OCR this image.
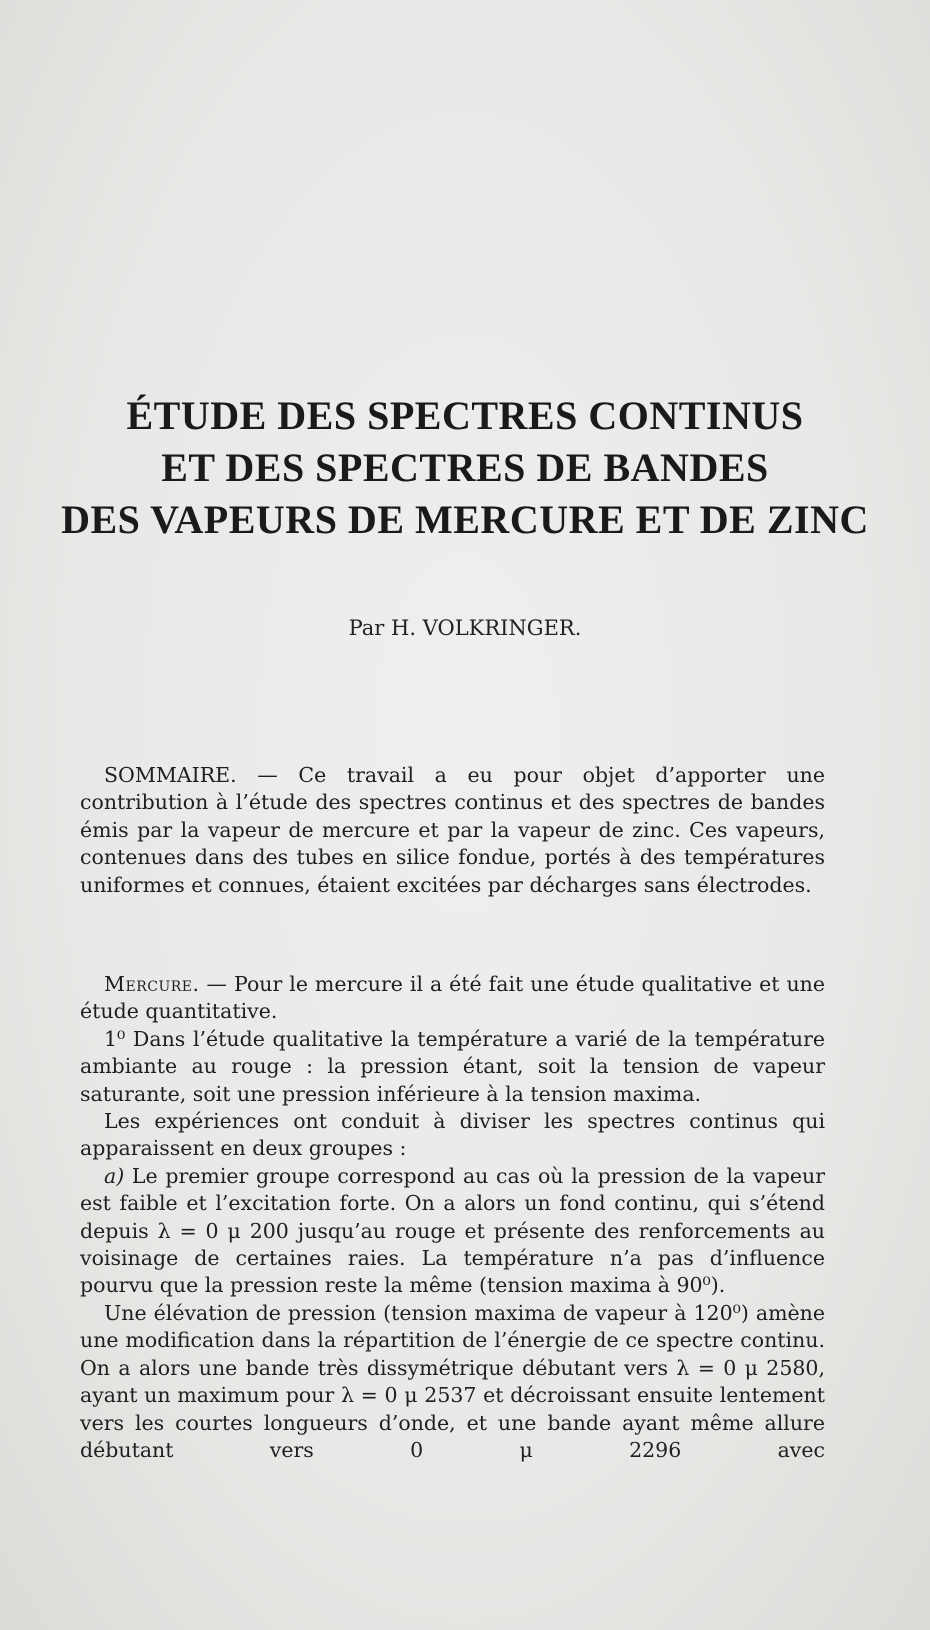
ÉTUDE DES SPECTRES CONTINUS
ET DES SPECTRES DE BANDES
DES VAPEURS DE MERCURE ET DE ZINC
Par H. VOLKRINGER.

SOMMAIRE. — Ce travail a eu pour objet d’apporter une contribution à l’étude des spectres continus et des spectres de bandes émis par la vapeur de mercure et par la vapeur de zinc. Ces vapeurs, contenues dans des tubes en silice fondue, portés à des températures uniformes et connues, étaient excitées par décharges sans électrodes.

Mercure. — Pour le mercure il a été fait une étude qualitative et une étude quantitative.

1⁰ Dans l’étude qualitative la température a varié de la température ambiante au rouge : la pression étant, soit la tension de vapeur saturante, soit une pression inférieure à la tension maxima.

Les expériences ont conduit à diviser les spectres continus qui apparaissent en deux groupes :

a) Le premier groupe correspond au cas où la pression de la vapeur est faible et l’excitation forte. On a alors un fond continu, qui s’étend depuis λ = 0 μ 200 jusqu’au rouge et présente des renforcements au voisinage de certaines raies. La température n’a pas d’influence pourvu que la pression reste la même (tension maxima à 90⁰).

Une élévation de pression (tension maxima de vapeur à 120⁰) amène une modification dans la répartition de l’énergie de ce spectre continu. On a alors une bande très dissymétrique débutant vers λ = 0 μ 2580, ayant un maximum pour λ = 0 μ 2537 et décroissant ensuite lentement vers les courtes longueurs d’onde, et une bande ayant même allure débutant vers 0 μ 2296 avec
